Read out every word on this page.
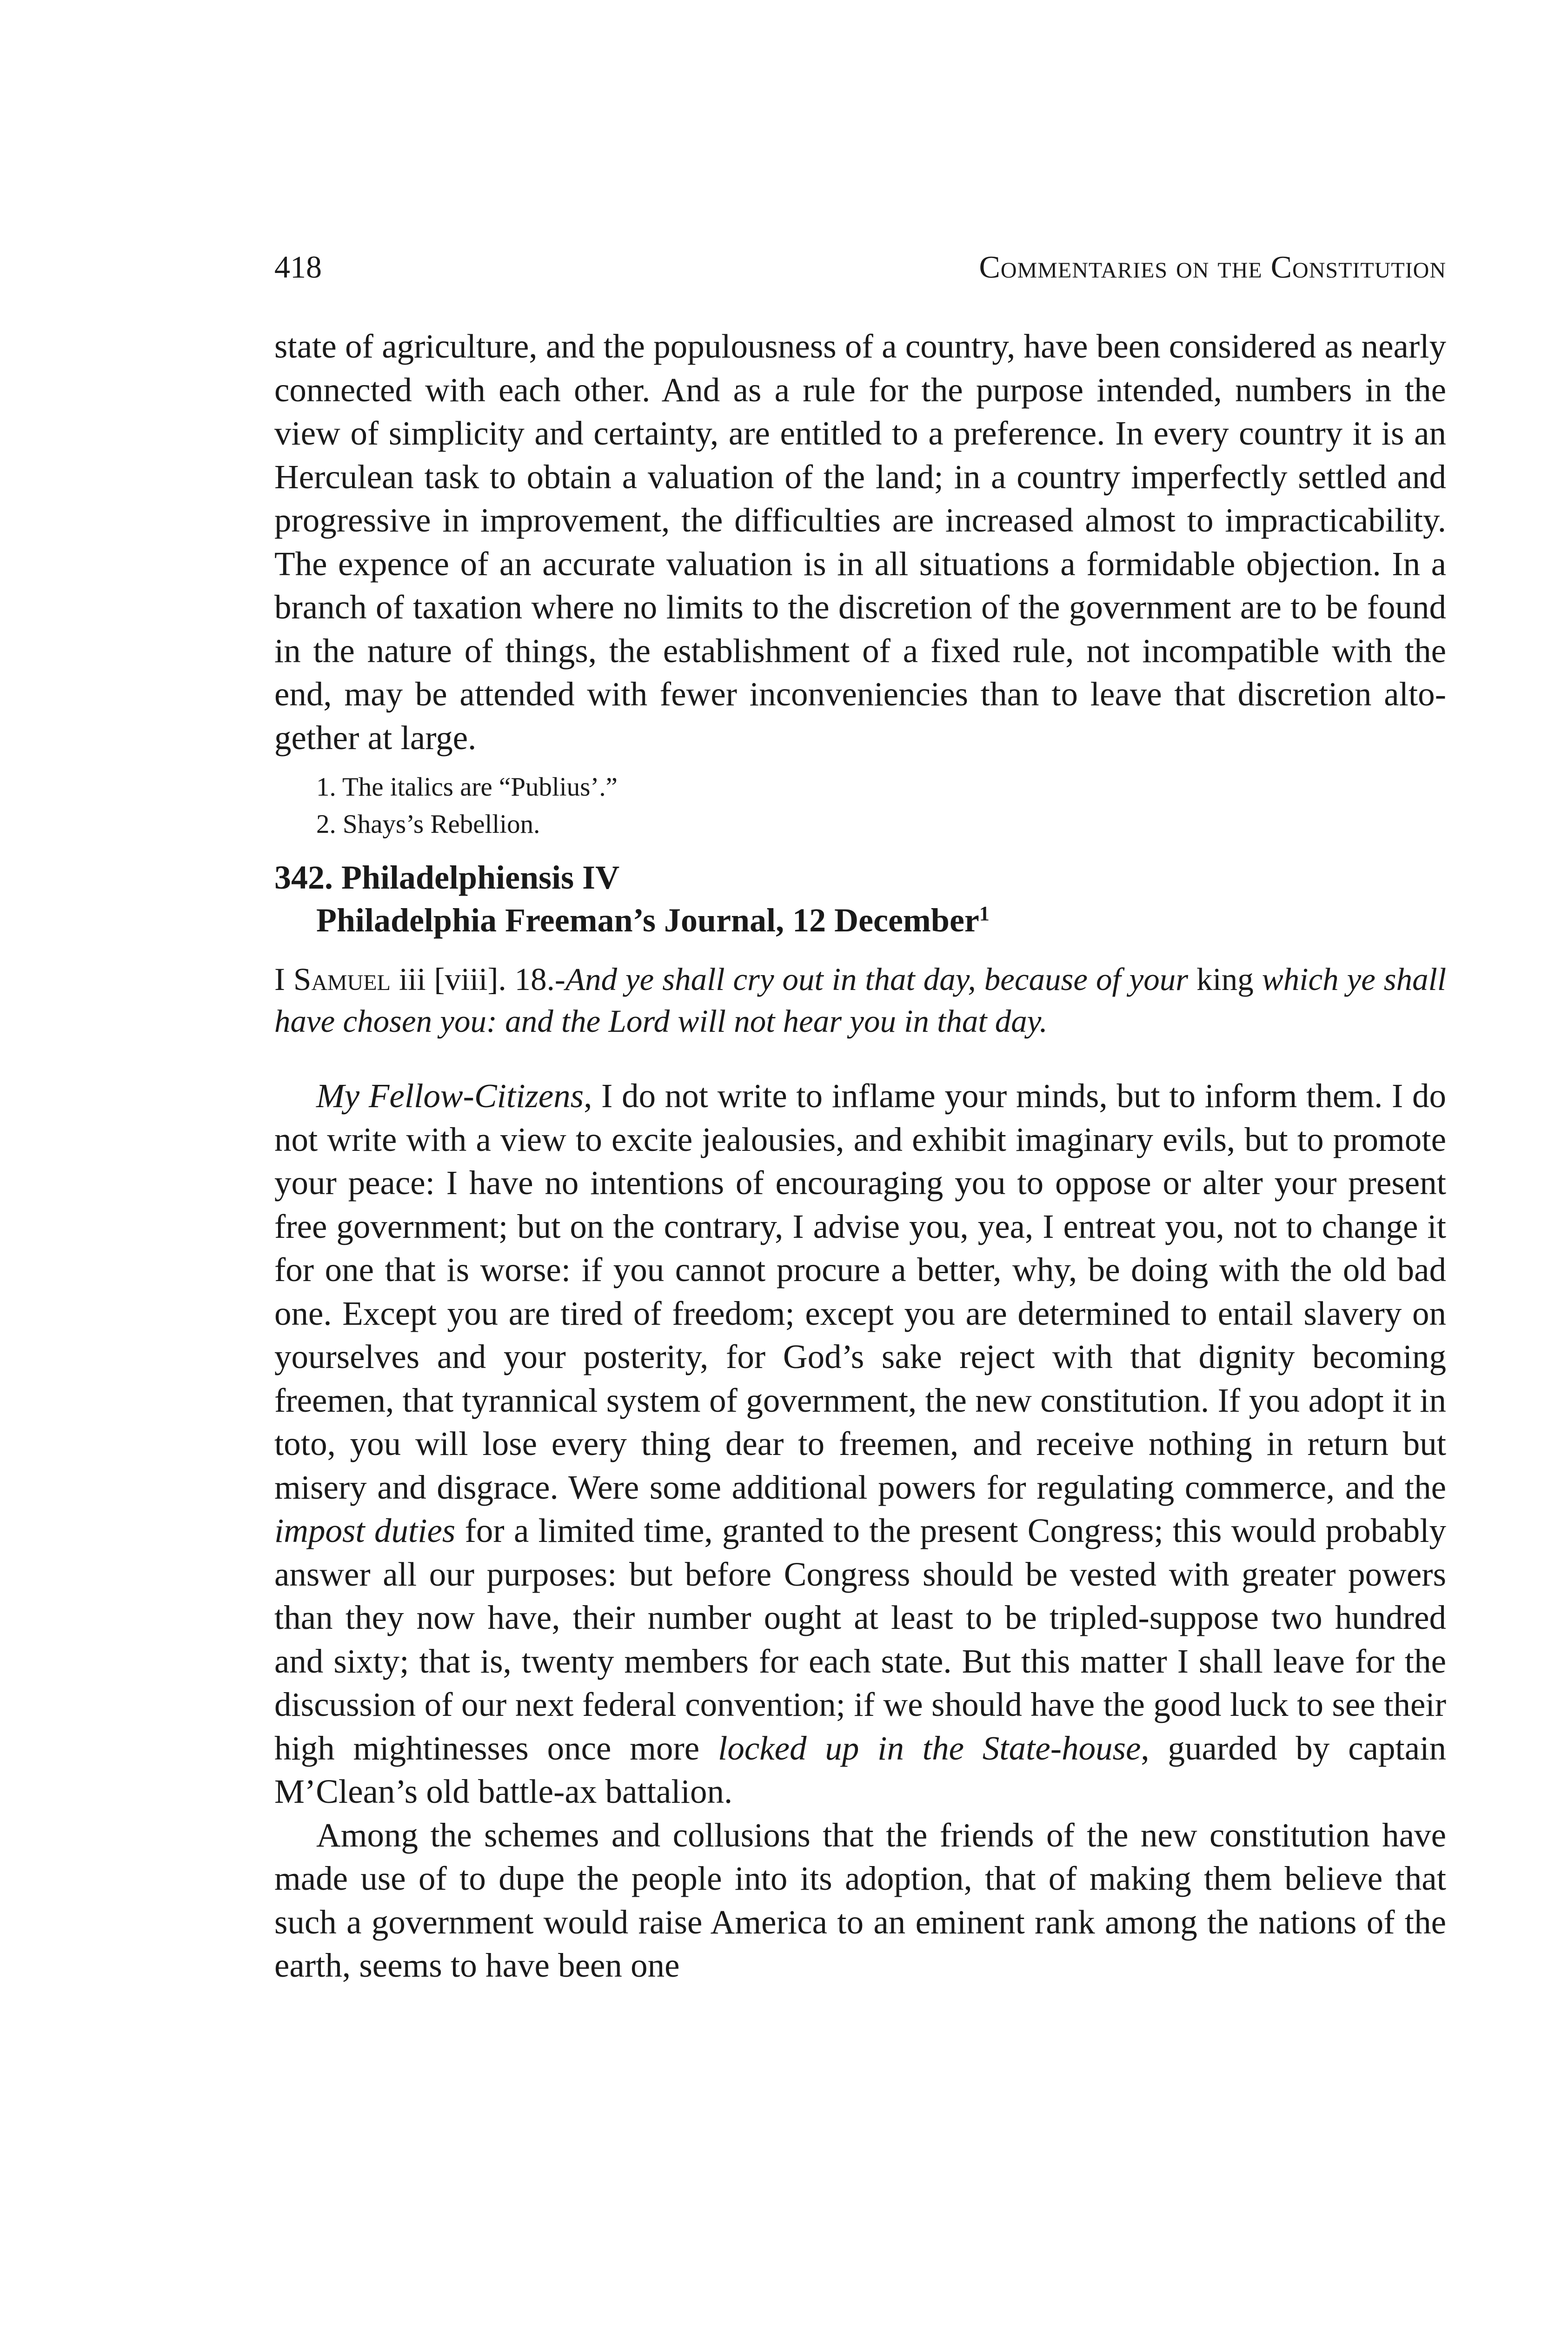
418	Commentaries on the Constitution

state of agriculture, and the populousness of a country, have been considered as nearly connected with each other. And as a rule for the purpose intended, numbers in the view of simplicity and certainty, are entitled to a preference. In every country it is an Herculean task to obtain a valuation of the land; in a country imperfectly settled and progressive in improvement, the difficulties are increased almost to impracticability. The expence of an accurate valuation is in all situations a formidable objection. In a branch of taxation where no limits to the discretion of the government are to be found in the nature of things, the establishment of a fixed rule, not incompatible with the end, may be attended with fewer inconveniencies than to leave that discretion altogether at large.

1. The italics are “Publius’.”

2. Shays’s Rebellion.

342. Philadelphiensis IV
Philadelphia Freeman’s Journal, 12 December$^1$

I Samuel iii [viii]. 18.-And ye shall cry out in that day, because of your king which ye shall have chosen you: and the Lord will not hear you in that day.

My Fellow-Citizens, I do not write to inflame your minds, but to inform them. I do not write with a view to excite jealousies, and exhibit imaginary evils, but to promote your peace: I have no intentions of encouraging you to oppose or alter your present free government; but on the contrary, I advise you, yea, I entreat you, not to change it for one that is worse: if you cannot procure a better, why, be doing with the old bad one. Except you are tired of freedom; except you are determined to entail slavery on yourselves and your posterity, for God’s sake reject with that dignity becoming freemen, that tyrannical system of government, the new constitution. If you adopt it in toto, you will lose every thing dear to freemen, and receive nothing in return but misery and disgrace. Were some additional powers for regulating commerce, and the impost duties for a limited time, granted to the present Congress; this would probably answer all our purposes: but before Congress should be vested with greater powers than they now have, their number ought at least to be tripled-suppose two hundred and sixty; that is, twenty members for each state. But this matter I shall leave for the discussion of our next federal convention; if we should have the good luck to see their high mightinesses once more locked up in the State-house, guarded by captain M’Clean’s old battle-ax battalion.

Among the schemes and collusions that the friends of the new constitution have made use of to dupe the people into its adoption, that of making them believe that such a government would raise America to an eminent rank among the nations of the earth, seems to have been one
